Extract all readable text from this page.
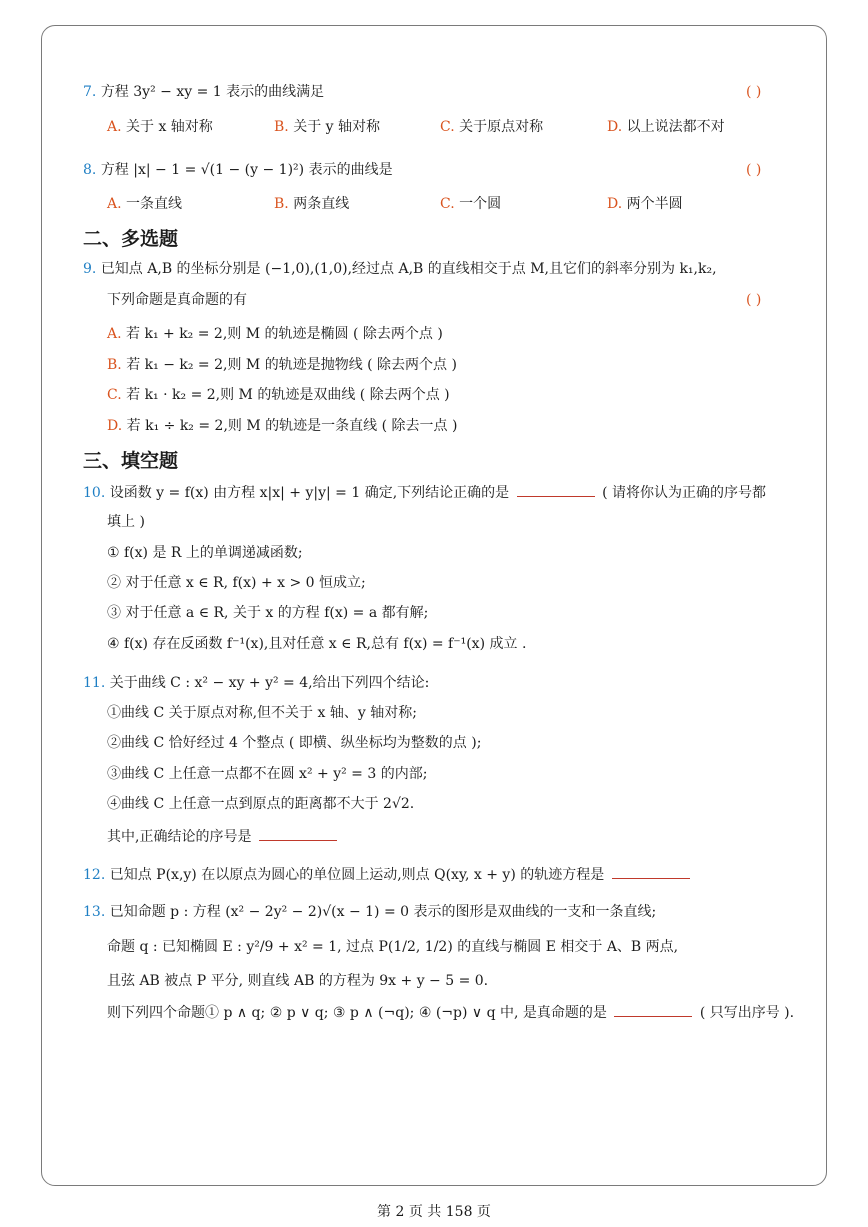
7. 方程 3y² − xy = 1 表示的曲线满足	( )
A. 关于 x 轴对称	B. 关于 y 轴对称	C. 关于原点对称	D. 以上说法都不对
8. 方程 |x| − 1 = √(1 − (y − 1)²) 表示的曲线是	( )
A. 一条直线	B. 两条直线	C. 一个圆	D. 两个半圆
二、多选题
9. 已知点 A,B 的坐标分别是 (−1,0),(1,0),经过点 A,B 的直线相交于点 M,且它们的斜率分别为 k₁,k₂,
下列命题是真命题的有	( )
A. 若 k₁ + k₂ = 2,则 M 的轨迹是椭圆 ( 除去两个点 )
B. 若 k₁ − k₂ = 2,则 M 的轨迹是抛物线 ( 除去两个点 )
C. 若 k₁ · k₂ = 2,则 M 的轨迹是双曲线 ( 除去两个点 )
D. 若 k₁ ÷ k₂ = 2,则 M 的轨迹是一条直线 ( 除去一点 )
三、填空题
10. 设函数 y = f(x) 由方程 x|x| + y|y| = 1 确定,下列结论正确的是	( 请将你认为正确的序号都
填上 )
① f(x) 是 R 上的单调递减函数;
② 对于任意 x ∈ R, f(x) + x > 0 恒成立;
③ 对于任意 a ∈ R, 关于 x 的方程 f(x) = a 都有解;
④ f(x) 存在反函数 f⁻¹(x),且对任意 x ∈ R,总有 f(x) = f⁻¹(x) 成立 .
11. 关于曲线 C : x² − xy + y² = 4,给出下列四个结论:
①曲线 C 关于原点对称,但不关于 x 轴、y 轴对称;
②曲线 C 恰好经过 4 个整点 ( 即横、纵坐标均为整数的点 );
③曲线 C 上任意一点都不在圆 x² + y² = 3 的内部;
④曲线 C 上任意一点到原点的距离都不大于 2√2.
其中,正确结论的序号是
12. 已知点 P(x,y) 在以原点为圆心的单位圆上运动,则点 Q(xy, x + y) 的轨迹方程是
13. 已知命题 p : 方程 (x² − 2y² − 2)√(x − 1) = 0 表示的图形是双曲线的一支和一条直线;
命题 q : 已知椭圆 E : y²/9 + x² = 1, 过点 P(1/2, 1/2) 的直线与椭圆 E 相交于 A、B 两点,
且弦 AB 被点 P 平分, 则直线 AB 的方程为 9x + y − 5 = 0.
则下列四个命题① p ∧ q; ② p ∨ q; ③ p ∧ (¬q); ④ (¬p) ∨ q 中, 是真命题的是	( 只写出序号 ).
第 2 页 共 158 页
